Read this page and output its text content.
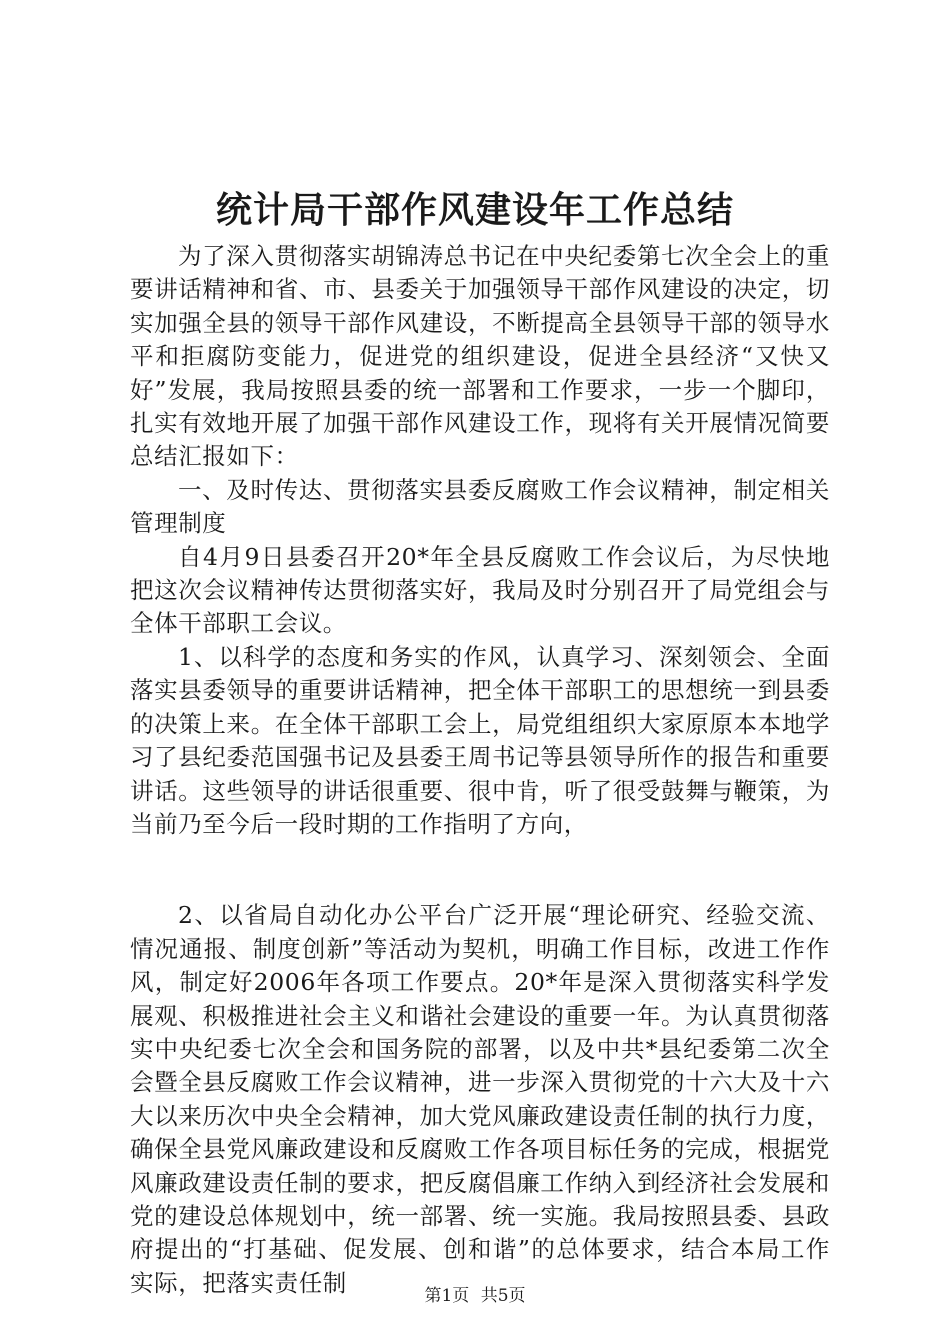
统计局干部作风建设年工作总结

为了深入贯彻落实胡锦涛总书记在中央纪委第七次全会上的重要讲话精神和省、市、县委关于加强领导干部作风建设的决定，切实加强全县的领导干部作风建设，不断提高全县领导干部的领导水平和拒腐防变能力，促进党的组织建设，促进全县经济“又快又好”发展，我局按照县委的统一部署和工作要求，一步一个脚印，扎实有效地开展了加强干部作风建设工作，现将有关开展情况简要总结汇报如下：

一、及时传达、贯彻落实县委反腐败工作会议精神，制定相关管理制度

自4月9日县委召开20*年全县反腐败工作会议后，为尽快地把这次会议精神传达贯彻落实好，我局及时分别召开了局党组会与全体干部职工会议。

1、以科学的态度和务实的作风，认真学习、深刻领会、全面落实县委领导的重要讲话精神，把全体干部职工的思想统一到县委的决策上来。在全体干部职工会上，局党组组织大家原原本本地学习了县纪委范国强书记及县委王周书记等县领导所作的报告和重要讲话。这些领导的讲话很重要、很中肯，听了很受鼓舞与鞭策，为当前乃至今后一段时期的工作指明了方向，

2、以省局自动化办公平台广泛开展“理论研究、经验交流、情况通报、制度创新”等活动为契机，明确工作目标，改进工作作风，制定好2006年各项工作要点。20*年是深入贯彻落实科学发展观、积极推进社会主义和谐社会建设的重要一年。为认真贯彻落实中央纪委七次全会和国务院的部署，以及中共*县纪委第二次全会暨全县反腐败工作会议精神，进一步深入贯彻党的十六大及十六大以来历次中央全会精神，加大党风廉政建设责任制的执行力度，确保全县党风廉政建设和反腐败工作各项目标任务的完成，根据党风廉政建设责任制的要求，把反腐倡廉工作纳入到经济社会发展和党的建设总体规划中，统一部署、统一实施。我局按照县委、县政府提出的“打基础、促发展、创和谐”的总体要求，结合本局工作实际，把落实责任制	第1页 共5页
